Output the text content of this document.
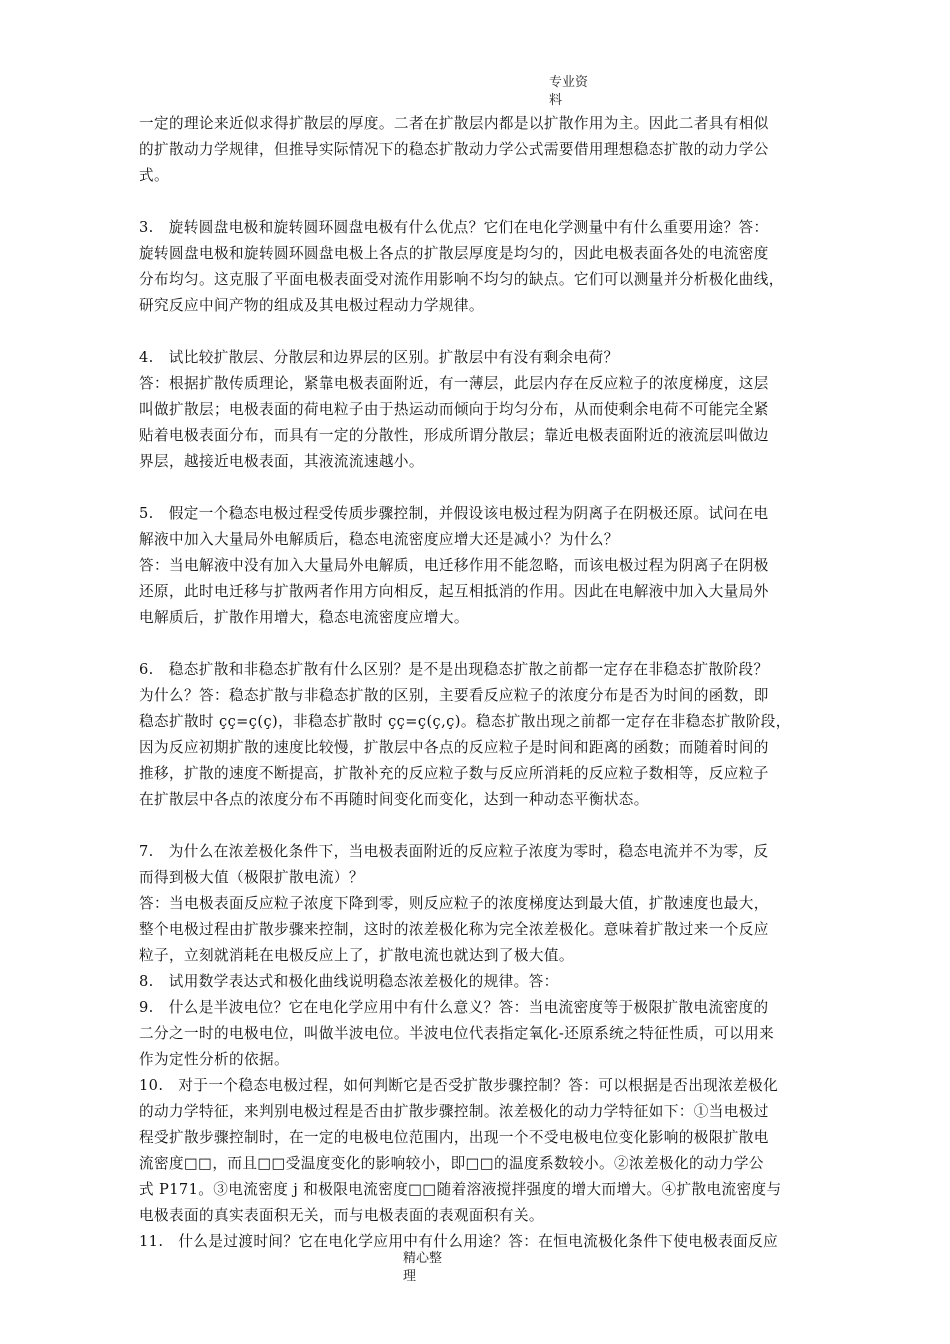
专业资
料
一定的理论来近似求得扩散层的厚度。二者在扩散层内都是以扩散作用为主。因此二者具有相似
的扩散动力学规律，但推导实际情况下的稳态扩散动力学公式需要借用理想稳态扩散的动力学公
式。
3.　旋转圆盘电极和旋转圆环圆盘电极有什么优点？它们在电化学测量中有什么重要用途？答：
旋转圆盘电极和旋转圆环圆盘电极上各点的扩散层厚度是均匀的，因此电极表面各处的电流密度
分布均匀。这克服了平面电极表面受对流作用影响不均匀的缺点。它们可以测量并分析极化曲线，
研究反应中间产物的组成及其电极过程动力学规律。
4.　试比较扩散层、分散层和边界层的区别。扩散层中有没有剩余电荷？
答：根据扩散传质理论，紧靠电极表面附近，有一薄层，此层内存在反应粒子的浓度梯度，这层
叫做扩散层；电极表面的荷电粒子由于热运动而倾向于均匀分布，从而使剩余电荷不可能完全紧
贴着电极表面分布，而具有一定的分散性，形成所谓分散层；靠近电极表面附近的液流层叫做边
界层，越接近电极表面，其液流流速越小。
5.　假定一个稳态电极过程受传质步骤控制，并假设该电极过程为阴离子在阴极还原。试问在电
解液中加入大量局外电解质后，稳态电流密度应增大还是减小？为什么？
答：当电解液中没有加入大量局外电解质，电迁移作用不能忽略，而该电极过程为阴离子在阴极
还原，此时电迁移与扩散两者作用方向相反，起互相抵消的作用。因此在电解液中加入大量局外
电解质后，扩散作用增大，稳态电流密度应增大。
6.　稳态扩散和非稳态扩散有什么区别？是不是出现稳态扩散之前都一定存在非稳态扩散阶段？
为什么？答：稳态扩散与非稳态扩散的区别，主要看反应粒子的浓度分布是否为时间的函数，即
稳态扩散时 çç=ç(ç)，非稳态扩散时 çç=ç(ç,ç)。稳态扩散出现之前都一定存在非稳态扩散阶段，
因为反应初期扩散的速度比较慢，扩散层中各点的反应粒子是时间和距离的函数；而随着时间的
推移，扩散的速度不断提高，扩散补充的反应粒子数与反应所消耗的反应粒子数相等，反应粒子
在扩散层中各点的浓度分布不再随时间变化而变化，达到一种动态平衡状态。
7.　为什么在浓差极化条件下，当电极表面附近的反应粒子浓度为零时，稳态电流并不为零，反
而得到极大值（极限扩散电流）？
答：当电极表面反应粒子浓度下降到零，则反应粒子的浓度梯度达到最大值，扩散速度也最大，
整个电极过程由扩散步骤来控制，这时的浓差极化称为完全浓差极化。意味着扩散过来一个反应
粒子，立刻就消耗在电极反应上了，扩散电流也就达到了极大值。
8.　试用数学表达式和极化曲线说明稳态浓差极化的规律。答：
9.　什么是半波电位？它在电化学应用中有什么意义？答：当电流密度等于极限扩散电流密度的
二分之一时的电极电位，叫做半波电位。半波电位代表指定氧化-还原系统之特征性质，可以用来
作为定性分析的依据。
10.　对于一个稳态电极过程，如何判断它是否受扩散步骤控制？答：可以根据是否出现浓差极化
的动力学特征，来判别电极过程是否由扩散步骤控制。浓差极化的动力学特征如下：①当电极过
程受扩散步骤控制时，在一定的电极电位范围内，出现一个不受电极电位变化影响的极限扩散电
流密度□□，而且□□受温度变化的影响较小，即□□的温度系数较小。②浓差极化的动力学公
式 P171。③电流密度 j 和极限电流密度□□随着溶液搅拌强度的增大而增大。④扩散电流密度与
电极表面的真实表面积无关，而与电极表面的表观面积有关。
11.　什么是过渡时间？它在电化学应用中有什么用途？答：在恒电流极化条件下使电极表面反应
精心整
理
